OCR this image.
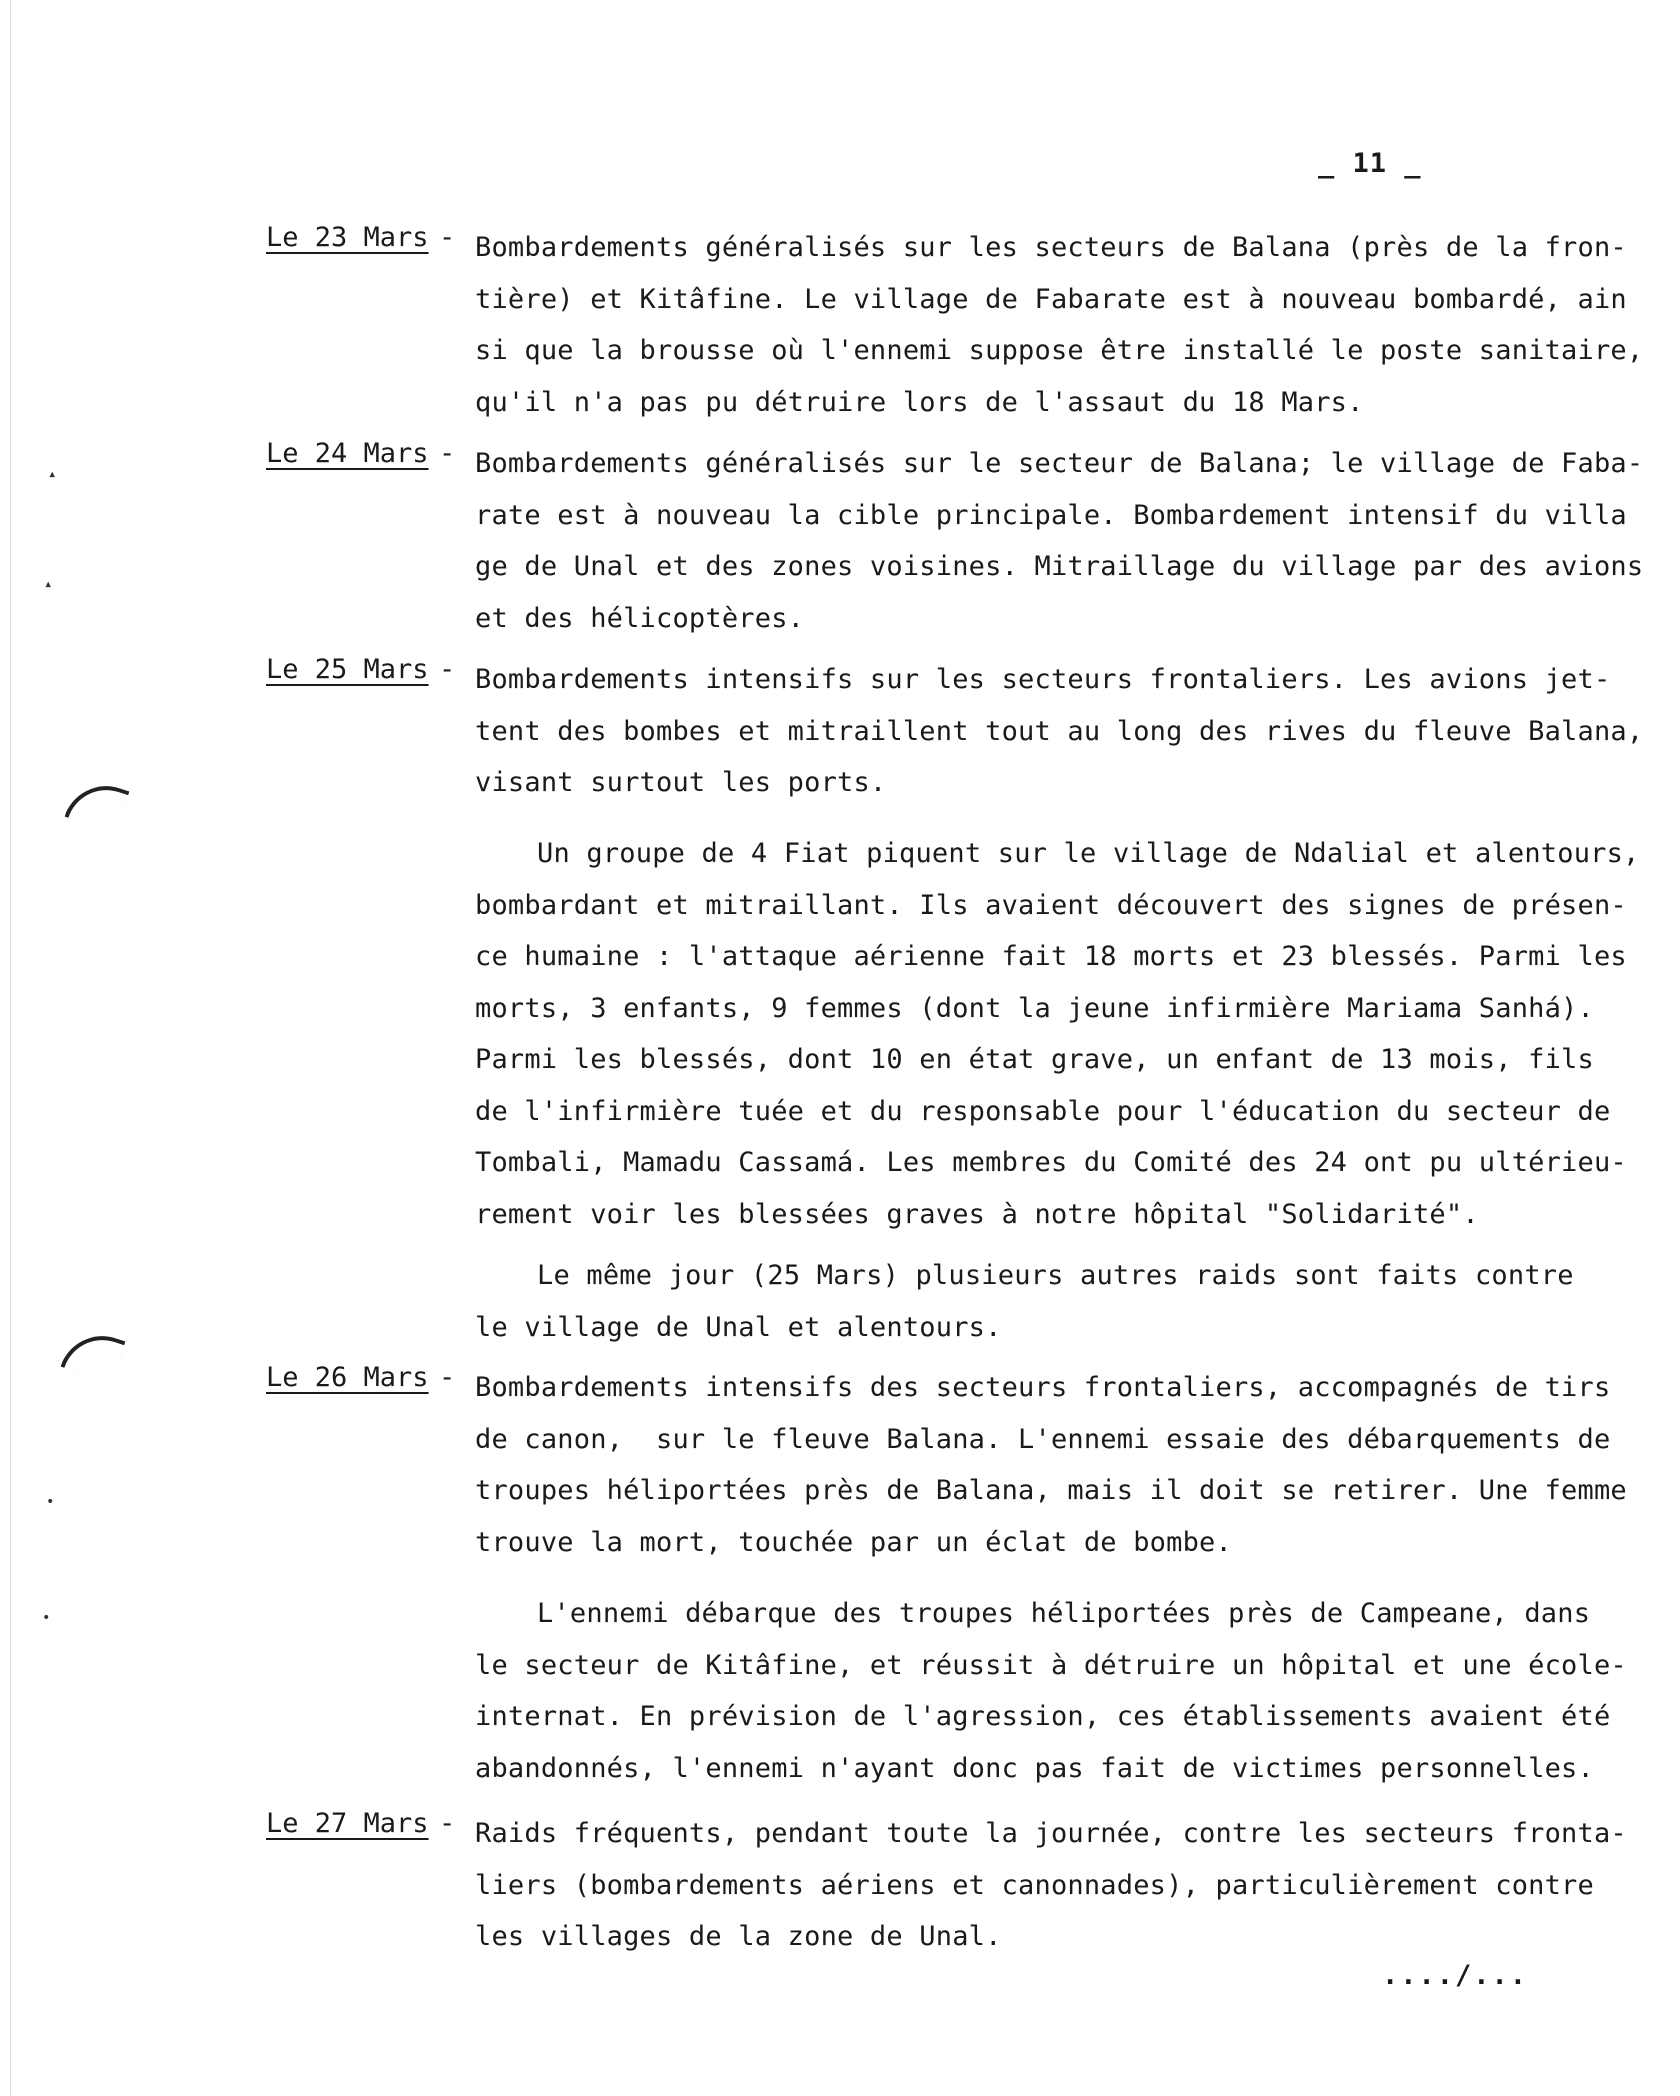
_ 11 _
Le 23 Mars - Bombardements généralisés sur les secteurs de Balana (près de la fron-
tière) et Kitâfine. Le village de Fabarate est à nouveau bombardé, ain
si que la brousse où l'ennemi suppose être installé le poste sanitaire,
qu'il n'a pas pu détruire lors de l'assaut du 18 Mars.
Le 24 Mars - Bombardements généralisés sur le secteur de Balana; le village de Faba-
rate est à nouveau la cible principale. Bombardement intensif du villa
ge de Unal et des zones voisines. Mitraillage du village par des avions
et des hélicoptères.
Le 25 Mars - Bombardements intensifs sur les secteurs frontaliers. Les avions jet-
tent des bombes et mitraillent tout au long des rives du fleuve Balana,
visant surtout les ports.
Un groupe de 4 Fiat piquent sur le village de Ndalial et alentours,
bombardant et mitraillant. Ils avaient découvert des signes de présen-
ce humaine : l'attaque aérienne fait 18 morts et 23 blessés. Parmi les
morts, 3 enfants, 9 femmes (dont la jeune infirmière Mariama Sanhá).
Parmi les blessés, dont 10 en état grave, un enfant de 13 mois, fils
de l'infirmière tuée et du responsable pour l'éducation du secteur de
Tombali, Mamadu Cassamá. Les membres du Comité des 24 ont pu ultérieu-
rement voir les blessées graves à notre hôpital "Solidarité".
Le même jour (25 Mars) plusieurs autres raids sont faits contre
le village de Unal et alentours.
Le 26 Mars - Bombardements intensifs des secteurs frontaliers, accompagnés de tirs
de canon,  sur le fleuve Balana. L'ennemi essaie des débarquements de
troupes héliportées près de Balana, mais il doit se retirer. Une femme
trouve la mort, touchée par un éclat de bombe.
L'ennemi débarque des troupes héliportées près de Campeane, dans
le secteur de Kitâfine, et réussit à détruire un hôpital et une école-
internat. En prévision de l'agression, ces établissements avaient été
abandonnés, l'ennemi n'ayant donc pas fait de victimes personnelles.
Le 27 Mars - Raids fréquents, pendant toute la journée, contre les secteurs fronta-
liers (bombardements aériens et canonnades), particulièrement contre
les villages de la zone de Unal.
..../...
▴
▴
•
•
